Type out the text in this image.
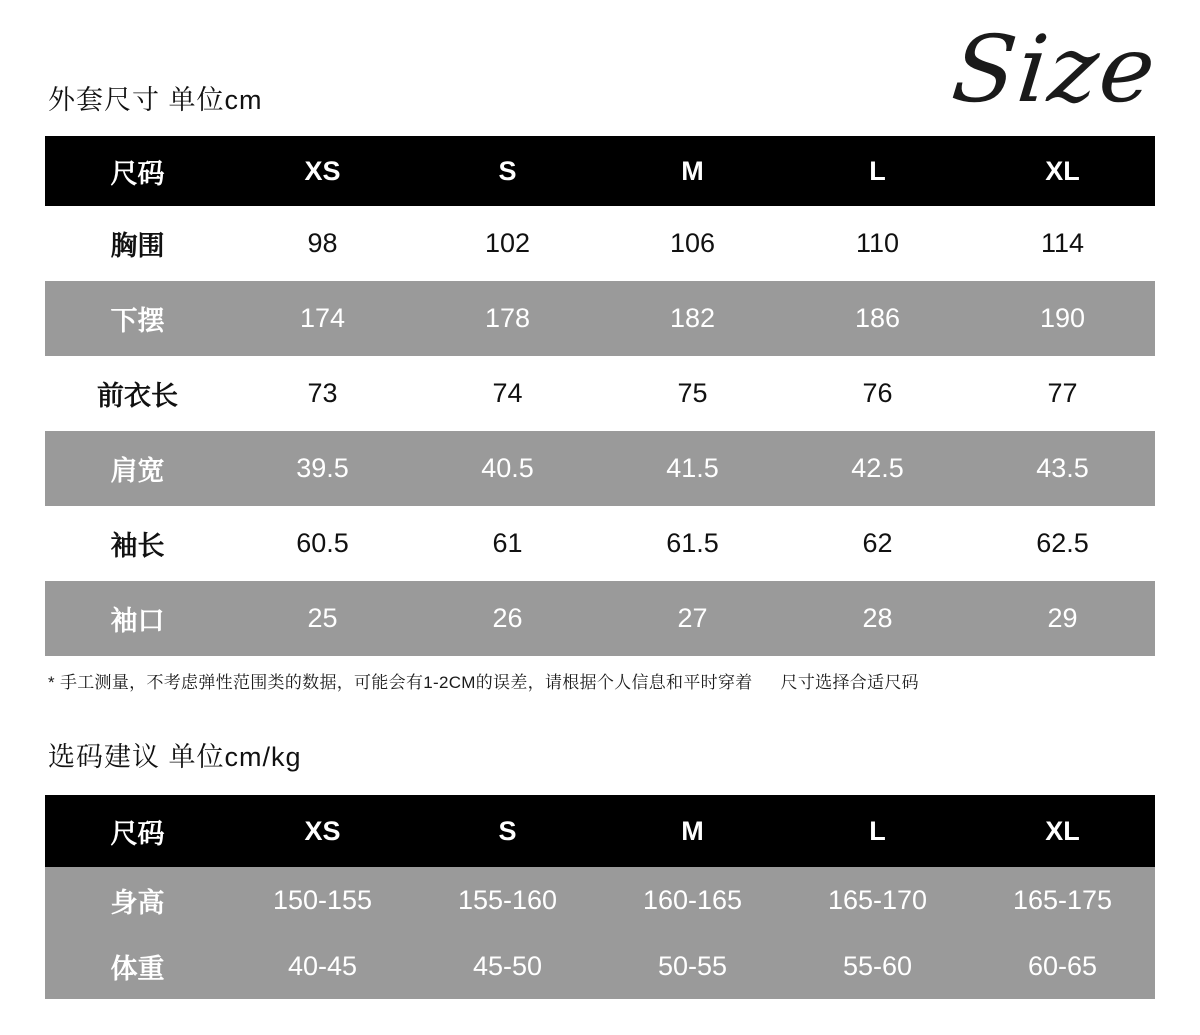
Size
外套尺寸 单位cm
尺码	XS	S	M	L	XL
胸围	98	102	106	110	114
下摆	174	178	182	186	190
前衣长	73	74	75	76	77
肩宽	39.5	40.5	41.5	42.5	43.5
袖长	60.5	61	61.5	62	62.5
袖口	25	26	27	28	29
* 手工测量，不考虑弹性范围类的数据，可能会有1-2CM的误差，请根据个人信息和平时穿着 尺寸选择合适尺码
选码建议 单位cm/kg
尺码	XS	S	M	L	XL
身高	150-155	155-160	160-165	165-170	165-175
体重	40-45	45-50	50-55	55-60	60-65
